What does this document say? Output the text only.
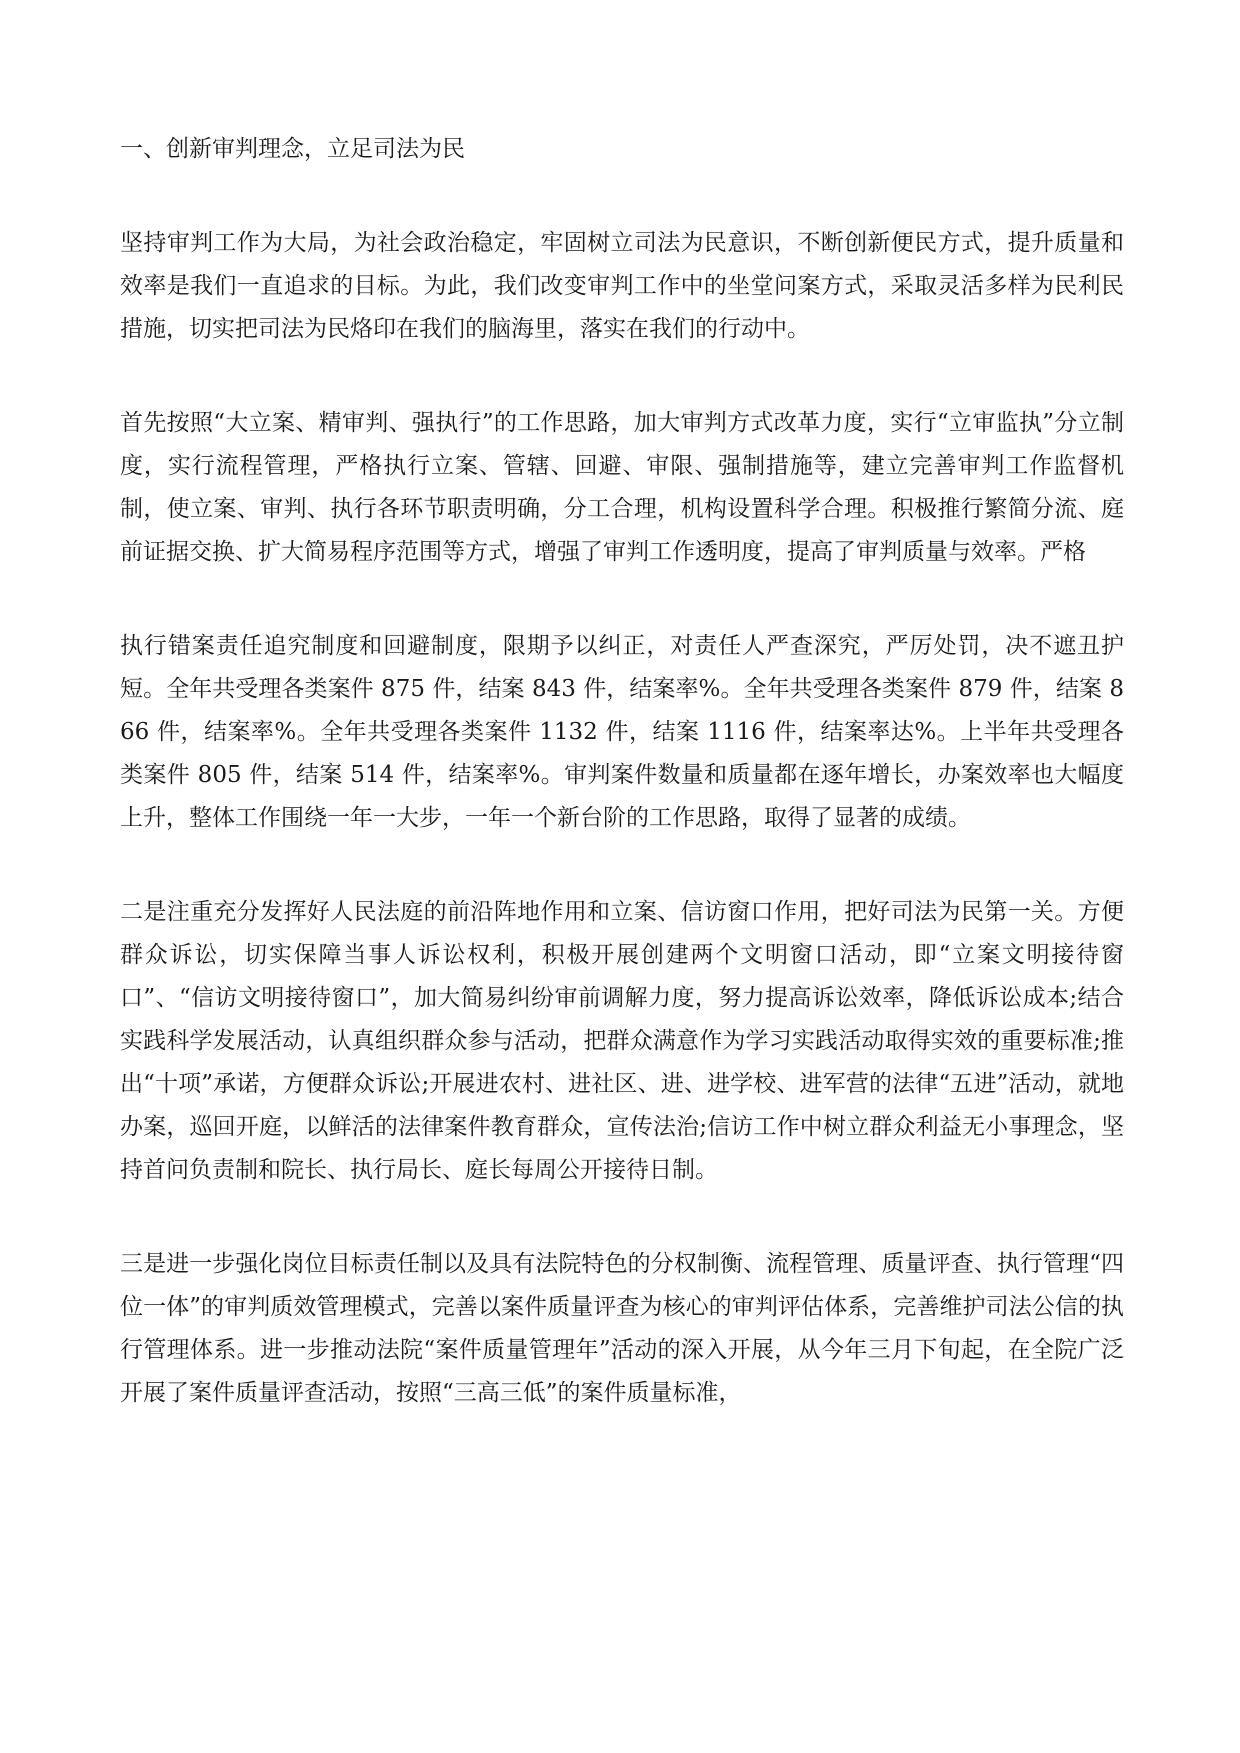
一、创新审判理念，立足司法为民

坚持审判工作为大局，为社会政治稳定，牢固树立司法为民意识，不断创新便民方式，提升质量和效率是我们一直追求的目标。为此，我们改变审判工作中的坐堂问案方式，采取灵活多样为民利民措施，切实把司法为民烙印在我们的脑海里，落实在我们的行动中。

首先按照“大立案、精审判、强执行”的工作思路，加大审判方式改革力度，实行“立审监执”分立制度，实行流程管理，严格执行立案、管辖、回避、审限、强制措施等，建立完善审判工作监督机制，使立案、审判、执行各环节职责明确，分工合理，机构设置科学合理。积极推行繁简分流、庭前证据交换、扩大简易程序范围等方式，增强了审判工作透明度，提高了审判质量与效率。严格

执行错案责任追究制度和回避制度，限期予以纠正，对责任人严查深究，严厉处罚，决不遮丑护短。全年共受理各类案件 875 件，结案 843 件，结案率%。全年共受理各类案件 879 件，结案 866 件，结案率%。全年共受理各类案件 1132 件，结案 1116 件，结案率达%。上半年共受理各类案件 805 件，结案 514 件，结案率%。审判案件数量和质量都在逐年增长，办案效率也大幅度上升，整体工作围绕一年一大步，一年一个新台阶的工作思路，取得了显著的成绩。

二是注重充分发挥好人民法庭的前沿阵地作用和立案、信访窗口作用，把好司法为民第一关。方便群众诉讼，切实保障当事人诉讼权利，积极开展创建两个文明窗口活动，即“立案文明接待窗口”、“信访文明接待窗口”，加大简易纠纷审前调解力度，努力提高诉讼效率，降低诉讼成本;结合实践科学发展活动，认真组织群众参与活动，把群众满意作为学习实践活动取得实效的重要标准;推出“十项”承诺，方便群众诉讼;开展进农村、进社区、进、进学校、进军营的法律“五进”活动，就地办案，巡回开庭，以鲜活的法律案件教育群众，宣传法治;信访工作中树立群众利益无小事理念，坚持首问负责制和院长、执行局长、庭长每周公开接待日制。

三是进一步强化岗位目标责任制以及具有法院特色的分权制衡、流程管理、质量评查、执行管理“四位一体”的审判质效管理模式，完善以案件质量评查为核心的审判评估体系，完善维护司法公信的执行管理体系。进一步推动法院“案件质量管理年”活动的深入开展，从今年三月下旬起，在全院广泛开展了案件质量评查活动，按照“三高三低”的案件质量标准，
